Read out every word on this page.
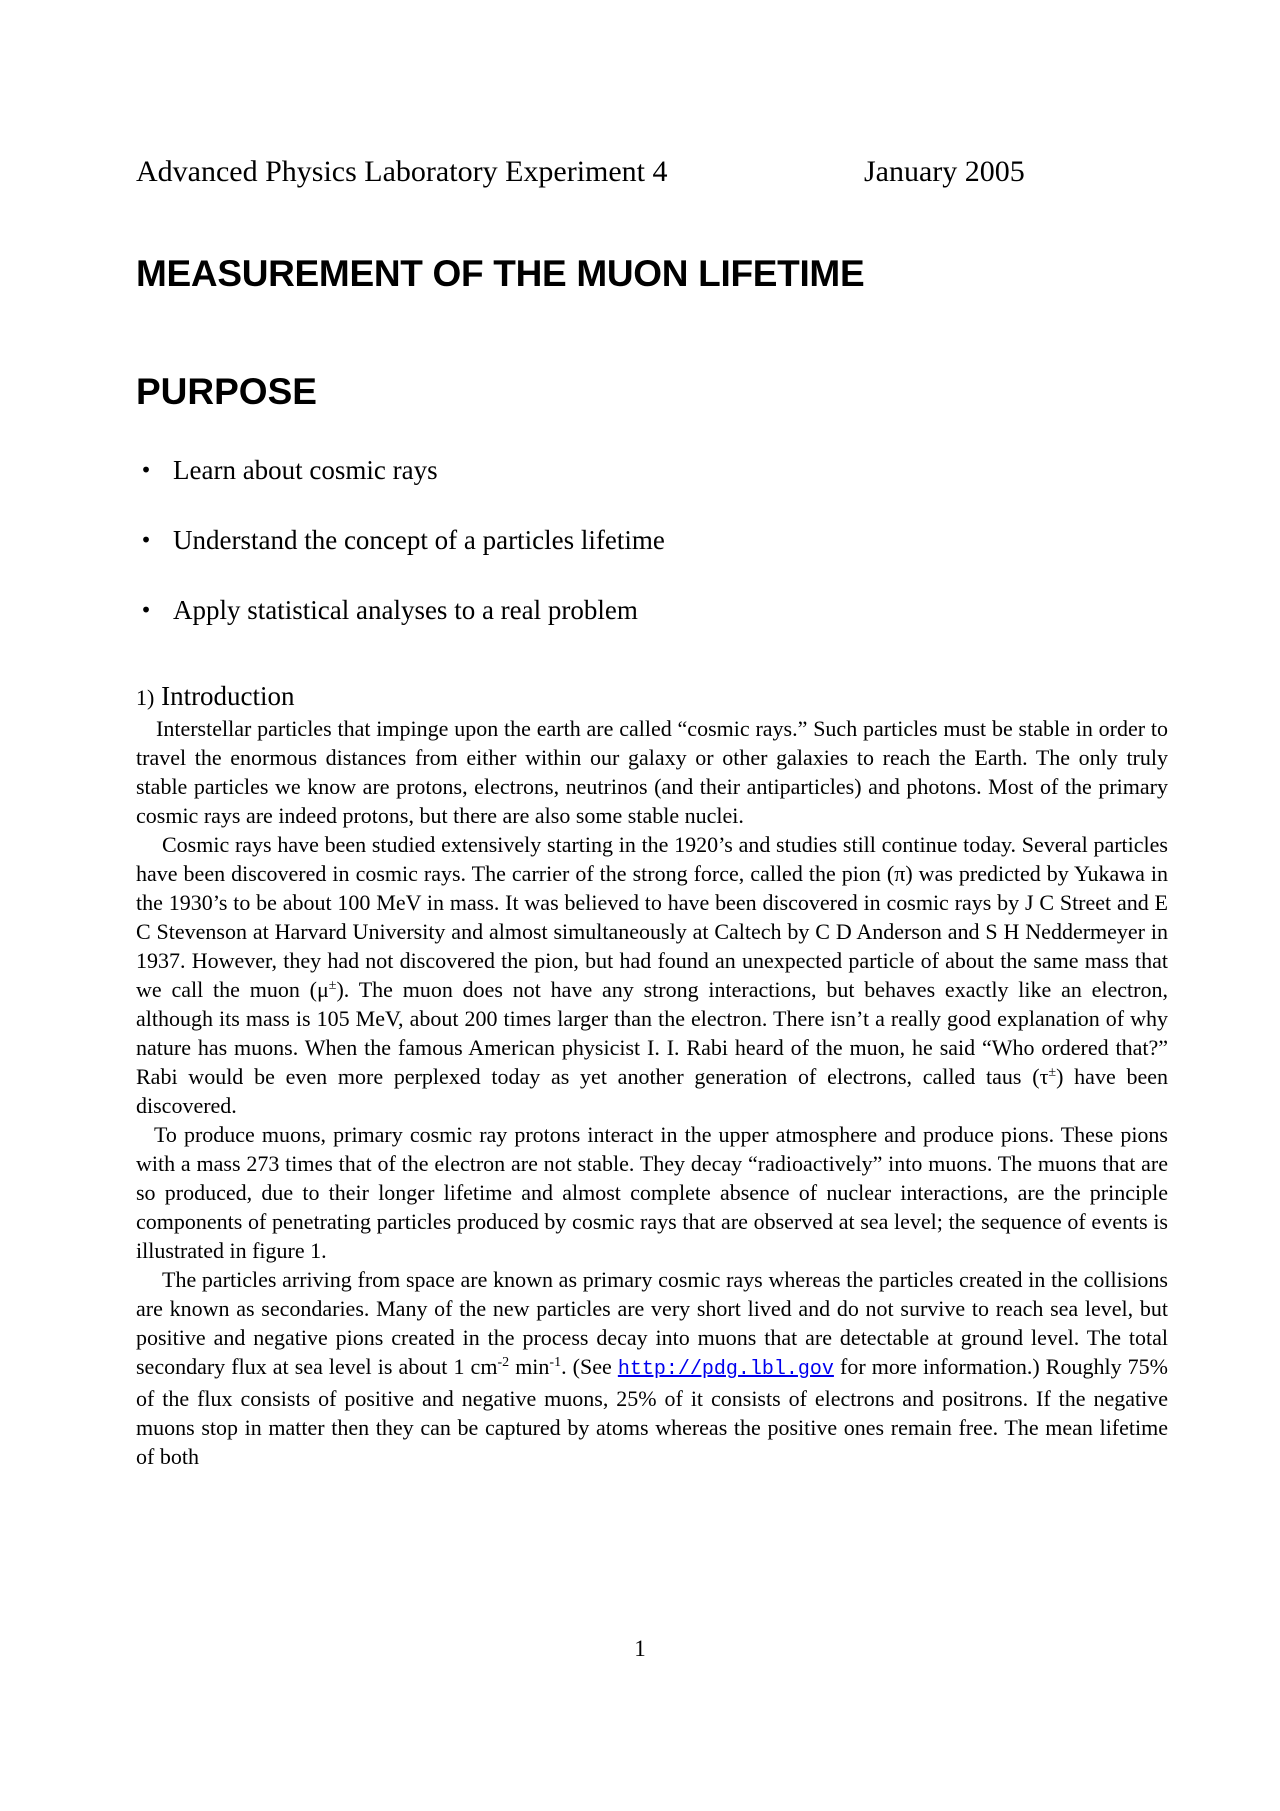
Advanced Physics Laboratory Experiment 4	January 2005
MEASUREMENT OF THE MUON LIFETIME
PURPOSE
• Learn about cosmic rays
• Understand the concept of a particles lifetime
• Apply statistical analyses to a real problem
1) Introduction

Interstellar particles that impinge upon the earth are called “cosmic rays.” Such particles must be stable in order to travel the enormous distances from either within our galaxy or other galaxies to reach the Earth. The only truly stable particles we know are protons, electrons, neutrinos (and their antiparticles) and photons. Most of the primary cosmic rays are indeed protons, but there are also some stable nuclei.

Cosmic rays have been studied extensively starting in the 1920’s and studies still continue today. Several particles have been discovered in cosmic rays. The carrier of the strong force, called the pion (π) was predicted by Yukawa in the 1930’s to be about 100 MeV in mass. It was believed to have been discovered in cosmic rays by J C Street and E C Stevenson at Harvard University and almost simultaneously at Caltech by C D Anderson and S H Neddermeyer in 1937. However, they had not discovered the pion, but had found an unexpected particle of about the same mass that we call the muon (μ±). The muon does not have any strong interactions, but behaves exactly like an electron, although its mass is 105 MeV, about 200 times larger than the electron. There isn’t a really good explanation of why nature has muons. When the famous American physicist I. I. Rabi heard of the muon, he said “Who ordered that?” Rabi would be even more perplexed today as yet another generation of electrons, called taus (τ±) have been discovered.

To produce muons, primary cosmic ray protons interact in the upper atmosphere and produce pions. These pions with a mass 273 times that of the electron are not stable. They decay “radioactively” into muons. The muons that are so produced, due to their longer lifetime and almost complete absence of nuclear interactions, are the principle components of penetrating particles produced by cosmic rays that are observed at sea level; the sequence of events is illustrated in figure 1.

The particles arriving from space are known as primary cosmic rays whereas the particles created in the collisions are known as secondaries. Many of the new particles are very short lived and do not survive to reach sea level, but positive and negative pions created in the process decay into muons that are detectable at ground level. The total secondary flux at sea level is about 1 $cm^{-2}$ $\min^{-1}$. (See http://pdg.lbl.gov for more information.) Roughly 75% of the flux consists of positive and negative muons, 25% of it consists of electrons and positrons. If the negative muons stop in matter then they can be captured by atoms whereas the positive ones remain free. The mean lifetime of both

1
